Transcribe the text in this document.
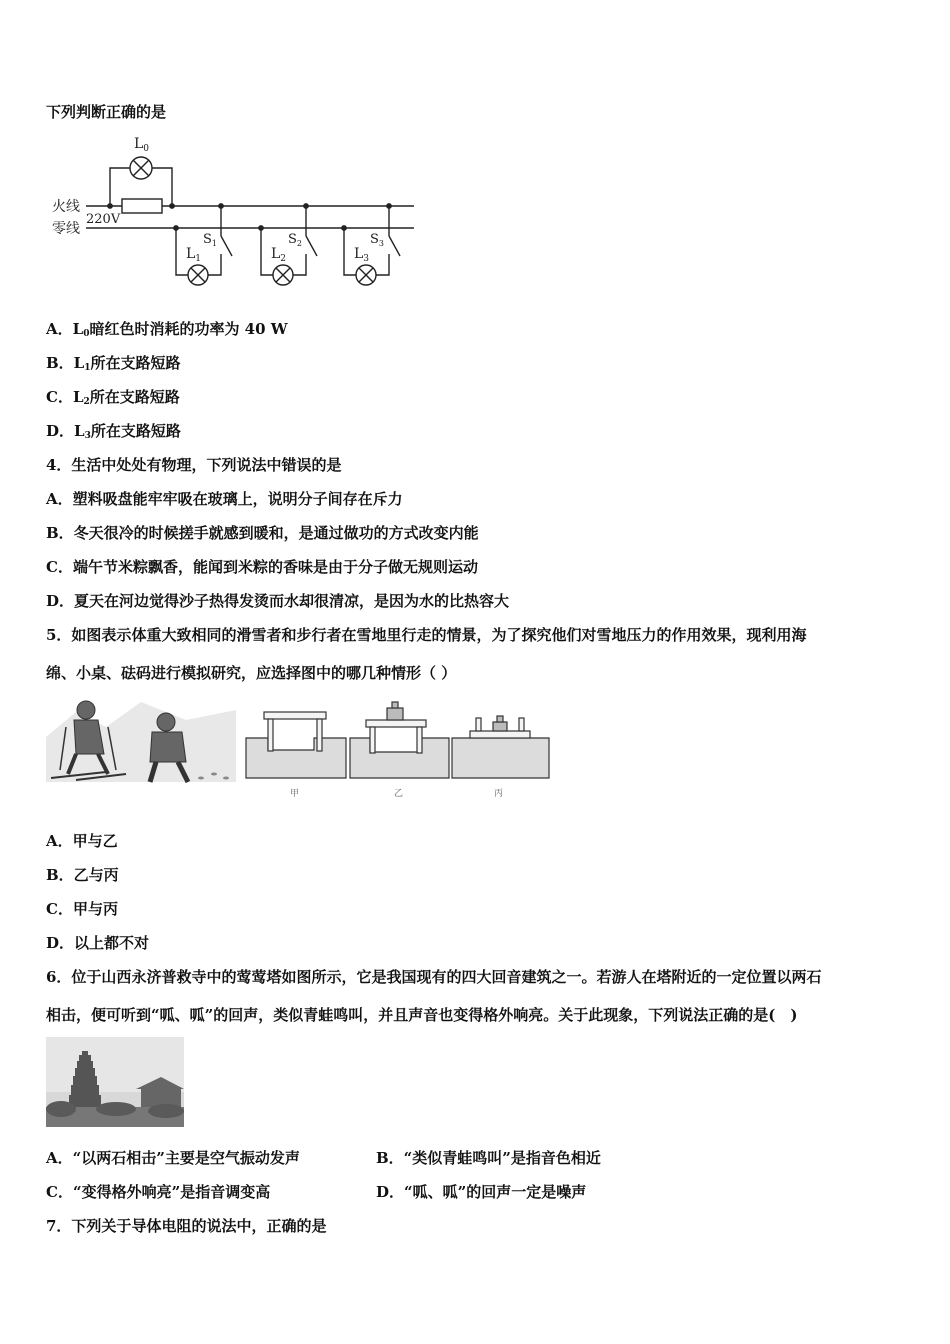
下列判断正确的是
火线
零线
220V
$L_0$
$L_1$	$L_2$	$L_3$
$S_1$	$S_2$	$S_3$
A．$L_0$暗红色时消耗的功率为 40 W
B．$L_1$所在支路短路
C．$L_2$所在支路短路
D．$L_3$所在支路短路
4．生活中处处有物理，下列说法中错误的是
A．塑料吸盘能牢牢吸在玻璃上，说明分子间存在斥力
B．冬天很冷的时候搓手就感到暖和，是通过做功的方式改变内能
C．端午节米粽飘香，能闻到米粽的香味是由于分子做无规则运动
D．夏天在河边觉得沙子热得发烫而水却很清凉，是因为水的比热容大
5．如图表示体重大致相同的滑雪者和步行者在雪地里行走的情景，为了探究他们对雪地压力的作用效果，现利用海
绵、小桌、砝码进行模拟研究，应选择图中的哪几种情形（ ）
甲	乙	丙
A．甲与乙
B．乙与丙
C．甲与丙
D．以上都不对
6．位于山西永济普救寺中的莺莺塔如图所示，它是我国现有的四大回音建筑之一。若游人在塔附近的一定位置以两石
相击，便可听到“呱、呱”的回声，类似青蛙鸣叫，并且声音也变得格外响亮。关于此现象，下列说法正确的是(　)
A．“以两石相击”主要是空气振动发声	B．“类似青蛙鸣叫”是指音色相近
C．“变得格外响亮”是指音调变高	D．“呱、呱”的回声一定是噪声
7．下列关于导体电阻的说法中，正确的是
